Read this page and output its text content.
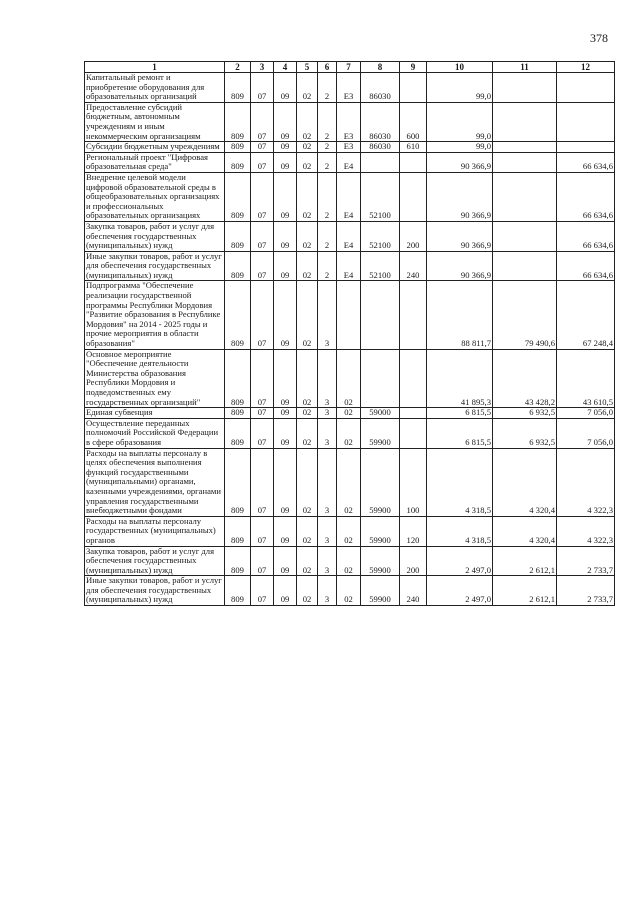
378
1	2	3	4	5	6	7	8	9	10	11	12
Капитальный ремонт и приобретение оборудования для образовательных организаций	809	07	09	02	2	E3	86030		99,0		
Предоставление субсидий бюджетным, автономным учреждениям и иным некоммерческим организациям	809	07	09	02	2	E3	86030	600	99,0		
Субсидии бюджетным учреждениям	809	07	09	02	2	E3	86030	610	99,0		
Региональный проект "Цифровая образовательная среда"	809	07	09	02	2	E4			90 366,9		66 634,6
Внедрение целевой модели цифровой образовательной среды в общеобразовательных организациях и профессиональных образовательных организациях	809	07	09	02	2	E4	52100		90 366,9		66 634,6
Закупка товаров, работ и услуг для обеспечения государственных (муниципальных) нужд	809	07	09	02	2	E4	52100	200	90 366,9		66 634,6
Иные закупки товаров, работ и услуг для обеспечения государственных (муниципальных) нужд	809	07	09	02	2	E4	52100	240	90 366,9		66 634,6
Подпрограмма "Обеспечение реализации государственной программы Республики Мордовия "Развитие образования в Республике Мордовия" на 2014 - 2025 годы и прочие мероприятия в области образования"	809	07	09	02	3				88 811,7	79 490,6	67 248,4
Основное мероприятие "Обеспечение деятельности Министерства образования Республики Мордовия и подведомственных ему государственных организаций"	809	07	09	02	3	02			41 895,3	43 428,2	43 610,5
Единая субвенция	809	07	09	02	3	02	59000		6 815,5	6 932,5	7 056,0
Осуществление переданных полномочий Российской Федерации в сфере образования	809	07	09	02	3	02	59900		6 815,5	6 932,5	7 056,0
Расходы на выплаты персоналу в целях обеспечения выполнения функций государственными (муниципальными) органами, казенными учреждениями, органами управления государственными внебюджетными фондами	809	07	09	02	3	02	59900	100	4 318,5	4 320,4	4 322,3
Расходы на выплаты персоналу государственных (муниципальных) органов	809	07	09	02	3	02	59900	120	4 318,5	4 320,4	4 322,3
Закупка товаров, работ и услуг для обеспечения государственных (муниципальных) нужд	809	07	09	02	3	02	59900	200	2 497,0	2 612,1	2 733,7
Иные закупки товаров, работ и услуг для обеспечения государственных (муниципальных) нужд	809	07	09	02	3	02	59900	240	2 497,0	2 612,1	2 733,7
